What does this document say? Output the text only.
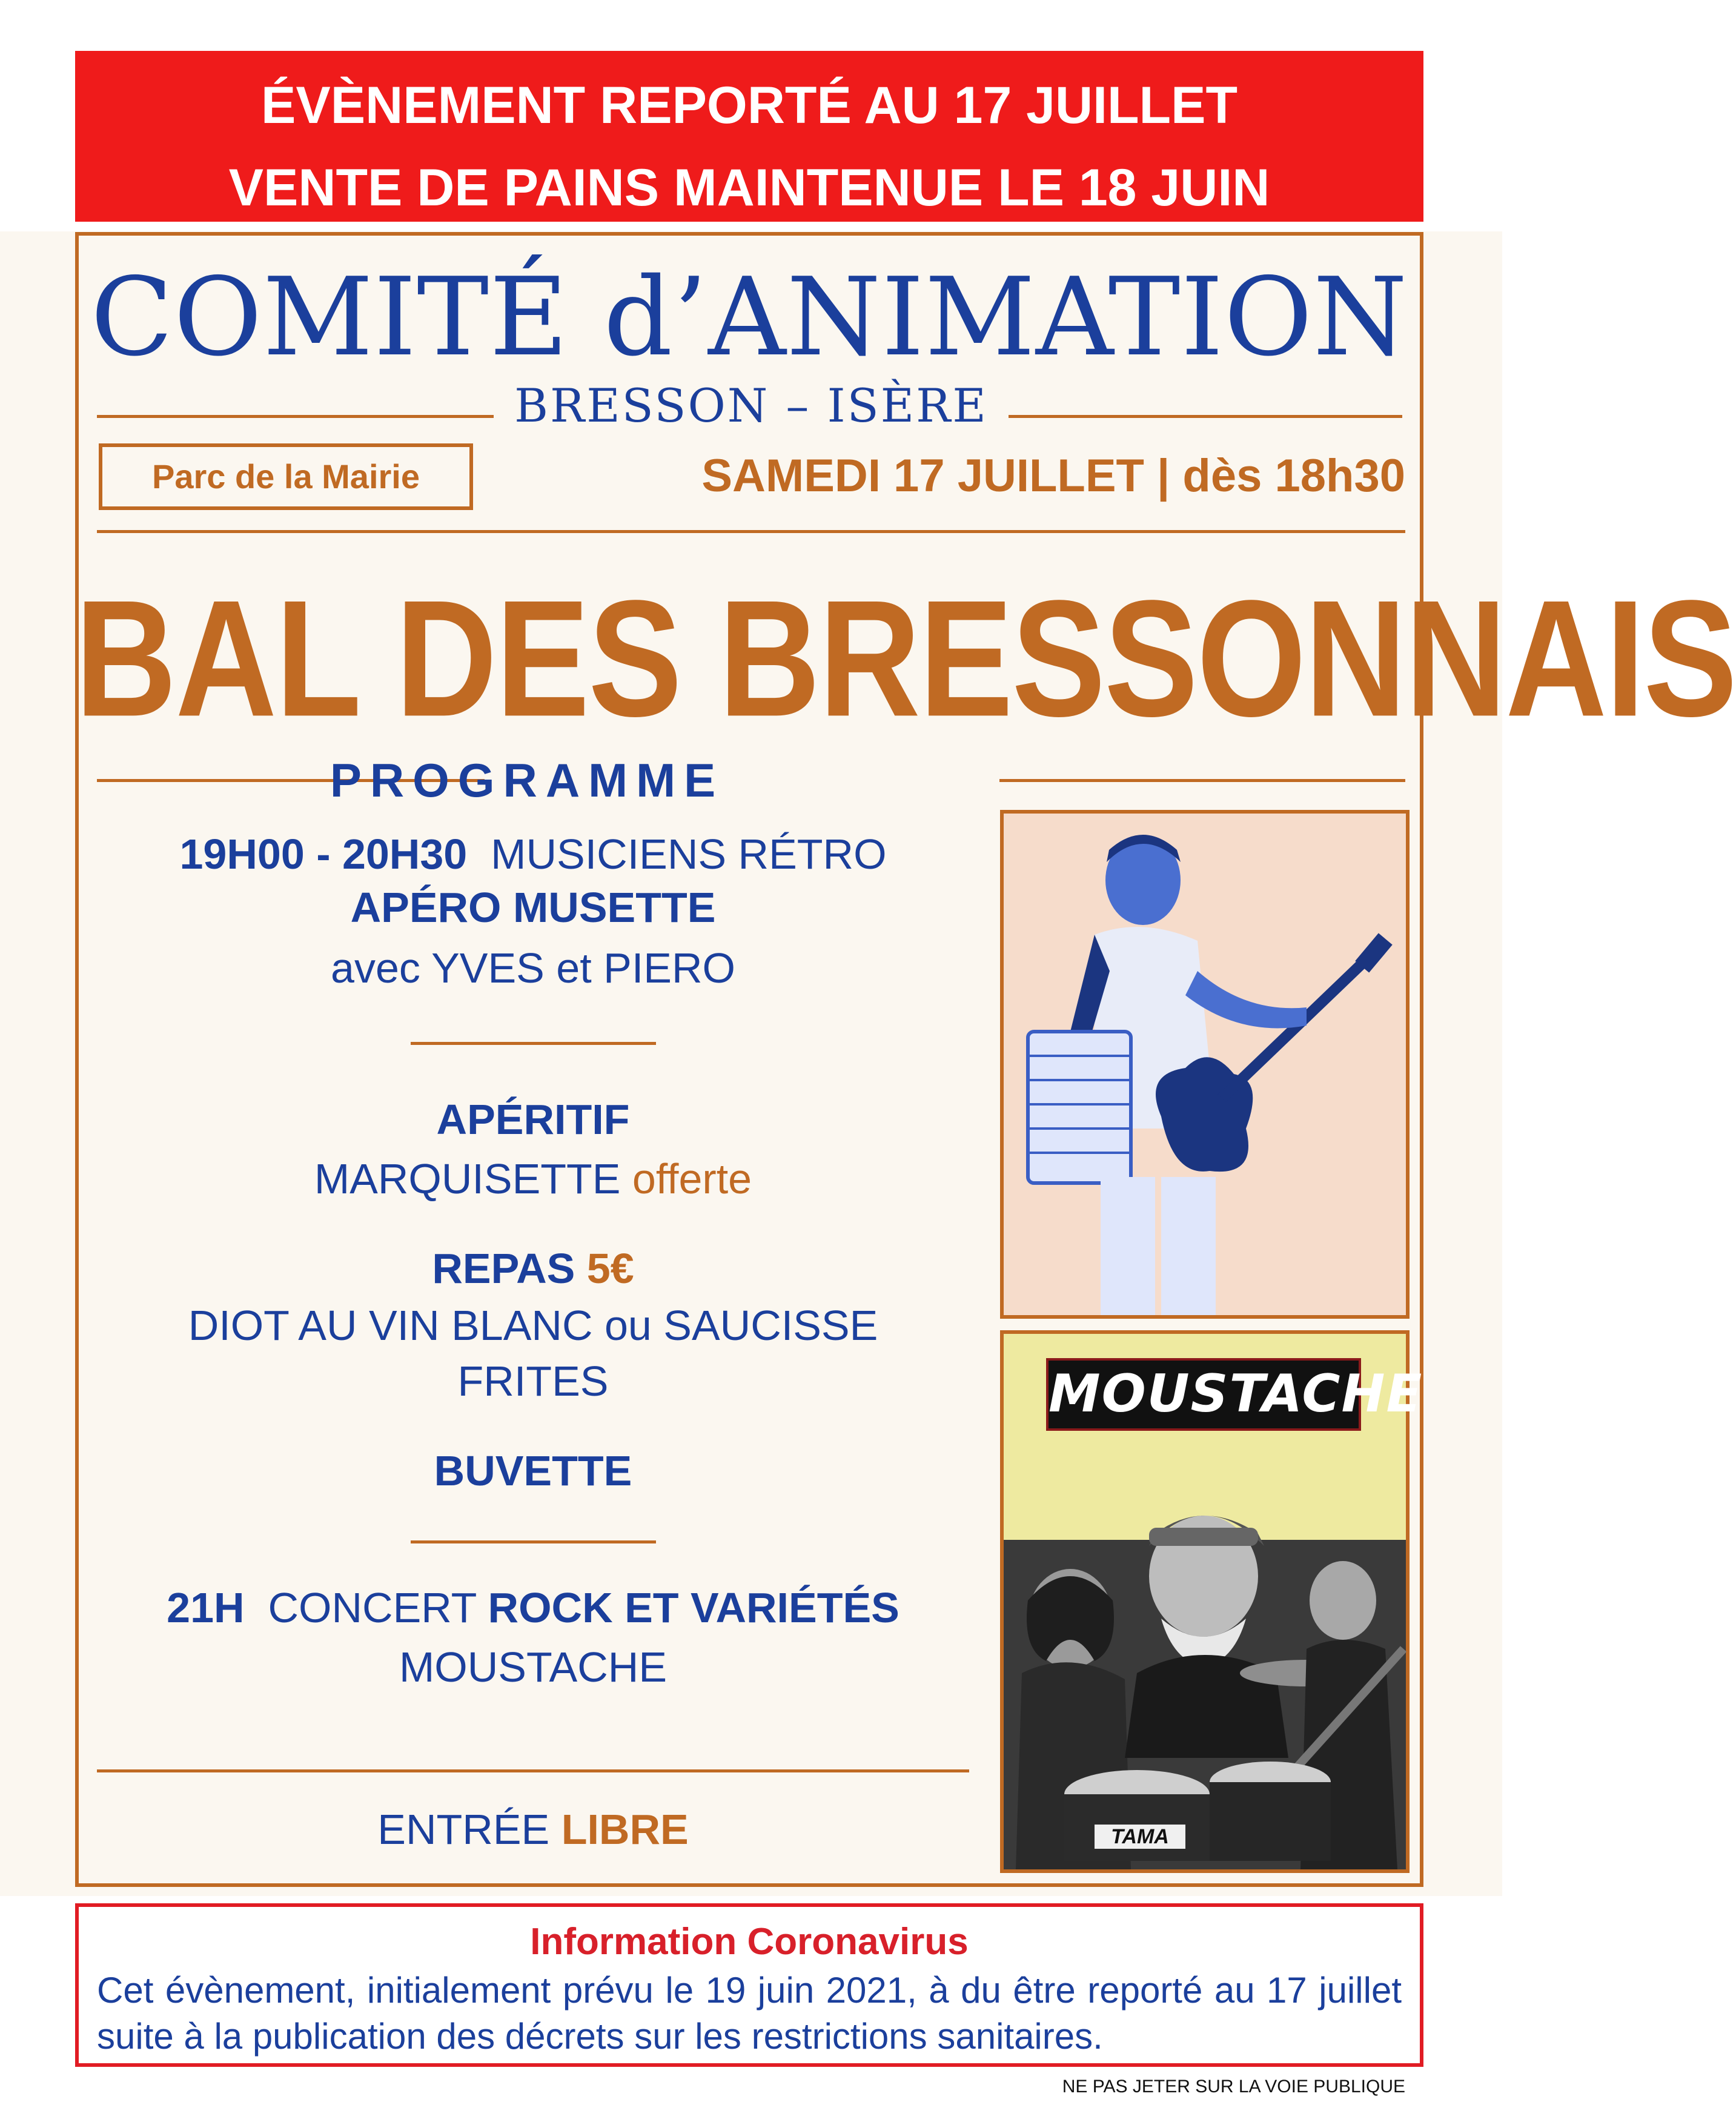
ÉVÈNEMENT REPORTÉ AU 17 JUILLET
VENTE DE PAINS MAINTENUE LE 18 JUIN
COMITÉ d’ANIMATION
BRESSON – ISÈRE
Parc de la Mairie	SAMEDI 17 JUILLET | dès 18h30
BAL DES BRESSONNAIS
PROGRAMME
19H00 - 20H30 MUSICIENS RÉTRO
APÉRO MUSETTE
avec YVES et PIERO
APÉRITIF
MARQUISETTE offerte
REPAS 5€
DIOT AU VIN BLANC ou SAUCISSE
FRITES
BUVETTE
21H CONCERT ROCK ET VARIÉTÉS
MOUSTACHE
ENTRÉE LIBRE
MOUSTACHE
TAMA
Information Coronavirus
Cet évènement, initialement prévu le 19 juin 2021, à du être reporté au 17 juillet suite à la publication des décrets sur les restrictions sanitaires.
NE PAS JETER SUR LA VOIE PUBLIQUE
